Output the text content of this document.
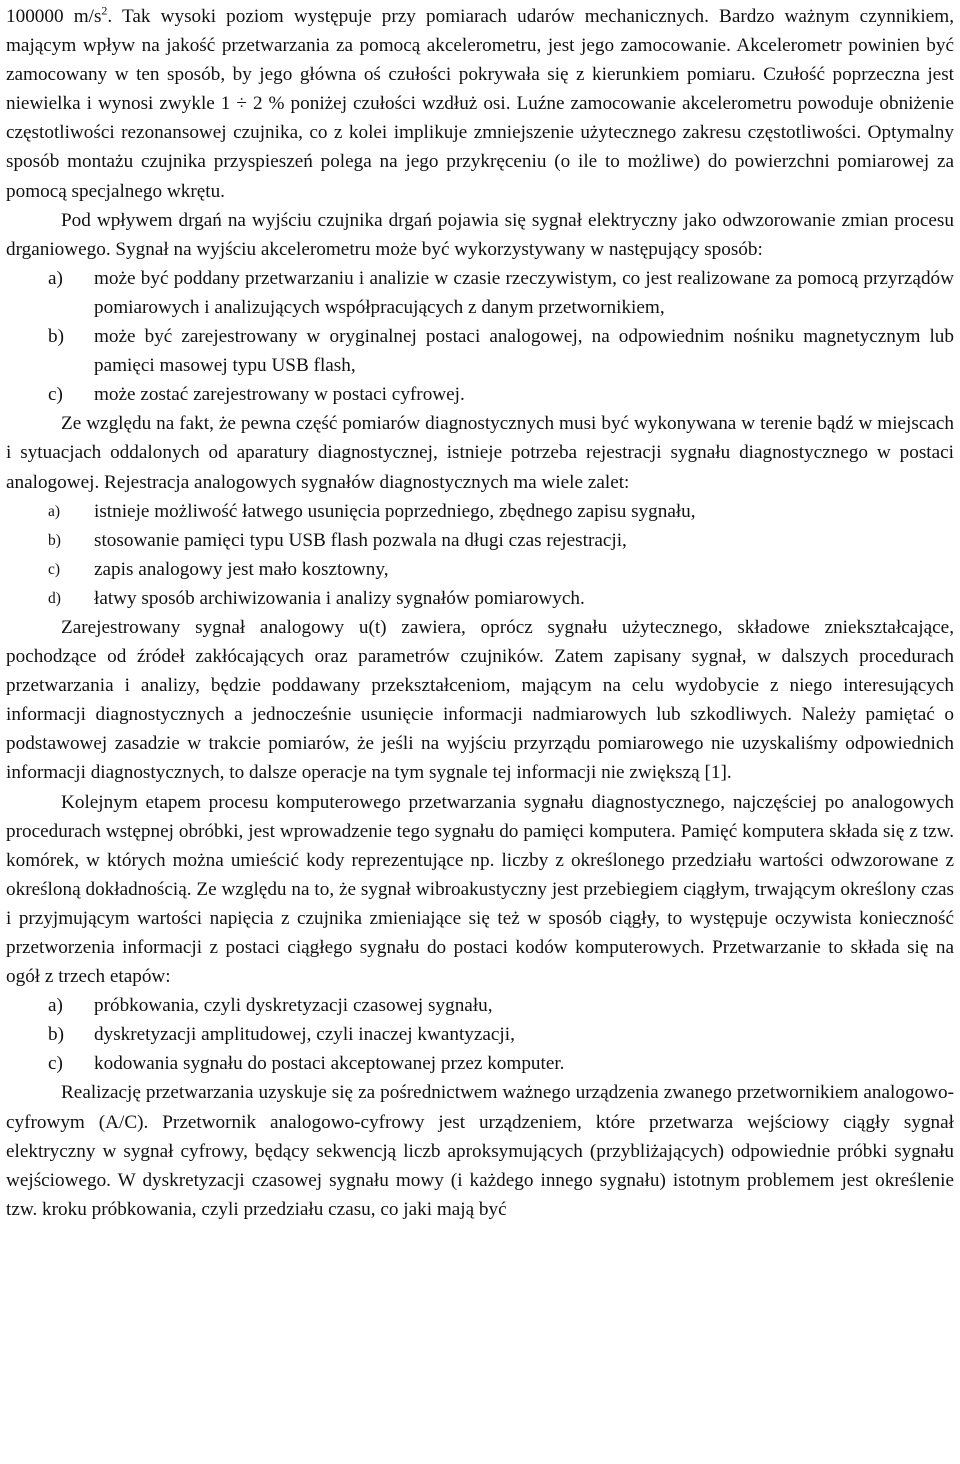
100000 $m/s^2$. Tak wysoki poziom występuje przy pomiarach udarów mechanicznych. Bardzo ważnym czynnikiem, mającym wpływ na jakość przetwarzania za pomocą akcelerometru, jest jego zamocowanie. Akcelerometr powinien być zamocowany w ten sposób, by jego główna oś czułości pokrywała się z kierunkiem pomiaru. Czułość poprzeczna jest niewielka i wynosi zwykle 1 ÷ 2 % poniżej czułości wzdłuż osi. Luźne zamocowanie akcelerometru powoduje obniżenie częstotliwości rezonansowej czujnika, co z kolei implikuje zmniejszenie użytecznego zakresu częstotliwości. Optymalny sposób montażu czujnika przyspieszeń polega na jego przykręceniu (o ile to możliwe) do powierzchni pomiarowej za pomocą specjalnego wkrętu.

Pod wpływem drgań na wyjściu czujnika drgań pojawia się sygnał elektryczny jako odwzorowanie zmian procesu drganiowego. Sygnał na wyjściu akcelerometru może być wykorzystywany w następujący sposób:

a) może być poddany przetwarzaniu i analizie w czasie rzeczywistym, co jest realizowane za pomocą przyrządów pomiarowych i analizujących współpracujących z danym przetwornikiem,
b) może być zarejestrowany w oryginalnej postaci analogowej, na odpowiednim nośniku magnetycznym lub pamięci masowej typu USB flash,
c) może zostać zarejestrowany w postaci cyfrowej.

Ze względu na fakt, że pewna część pomiarów diagnostycznych musi być wykonywana w terenie bądź w miejscach i sytuacjach oddalonych od aparatury diagnostycznej, istnieje potrzeba rejestracji sygnału diagnostycznego w postaci analogowej. Rejestracja analogowych sygnałów diagnostycznych ma wiele zalet:

a) istnieje możliwość łatwego usunięcia poprzedniego, zbędnego zapisu sygnału,
b) stosowanie pamięci typu USB flash pozwala na długi czas rejestracji,
c) zapis analogowy jest mało kosztowny,
d) łatwy sposób archiwizowania i analizy sygnałów pomiarowych.

Zarejestrowany sygnał analogowy u(t) zawiera, oprócz sygnału użytecznego, składowe zniekształcające, pochodzące od źródeł zakłócających oraz parametrów czujników. Zatem zapisany sygnał, w dalszych procedurach przetwarzania i analizy, będzie poddawany przekształceniom, mającym na celu wydobycie z niego interesujących informacji diagnostycznych a jednocześnie usunięcie informacji nadmiarowych lub szkodliwych. Należy pamiętać o podstawowej zasadzie w trakcie pomiarów, że jeśli na wyjściu przyrządu pomiarowego nie uzyskaliśmy odpowiednich informacji diagnostycznych, to dalsze operacje na tym sygnale tej informacji nie zwiększą [1].

Kolejnym etapem procesu komputerowego przetwarzania sygnału diagnostycznego, najczęściej po analogowych procedurach wstępnej obróbki, jest wprowadzenie tego sygnału do pamięci komputera. Pamięć komputera składa się z tzw. komórek, w których można umieścić kody reprezentujące np. liczby z określonego przedziału wartości odwzorowane z określoną dokładnością. Ze względu na to, że sygnał wibroakustyczny jest przebiegiem ciągłym, trwającym określony czas i przyjmującym wartości napięcia z czujnika zmieniające się też w sposób ciągły, to występuje oczywista konieczność przetworzenia informacji z postaci ciągłego sygnału do postaci kodów komputerowych. Przetwarzanie to składa się na ogół z trzech etapów:

a) próbkowania, czyli dyskretyzacji czasowej sygnału,
b) dyskretyzacji amplitudowej, czyli inaczej kwantyzacji,
c) kodowania sygnału do postaci akceptowanej przez komputer.

Realizację przetwarzania uzyskuje się za pośrednictwem ważnego urządzenia zwanego przetwornikiem analogowo-cyfrowym (A/C). Przetwornik analogowo-cyfrowy jest urządzeniem, które przetwarza wejściowy ciągły sygnał elektryczny w sygnał cyfrowy, będący sekwencją liczb aproksymujących (przybliżających) odpowiednie próbki sygnału wejściowego. W dyskretyzacji czasowej sygnału mowy (i każdego innego sygnału) istotnym problemem jest określenie tzw. kroku próbkowania, czyli przedziału czasu, co jaki mają być
